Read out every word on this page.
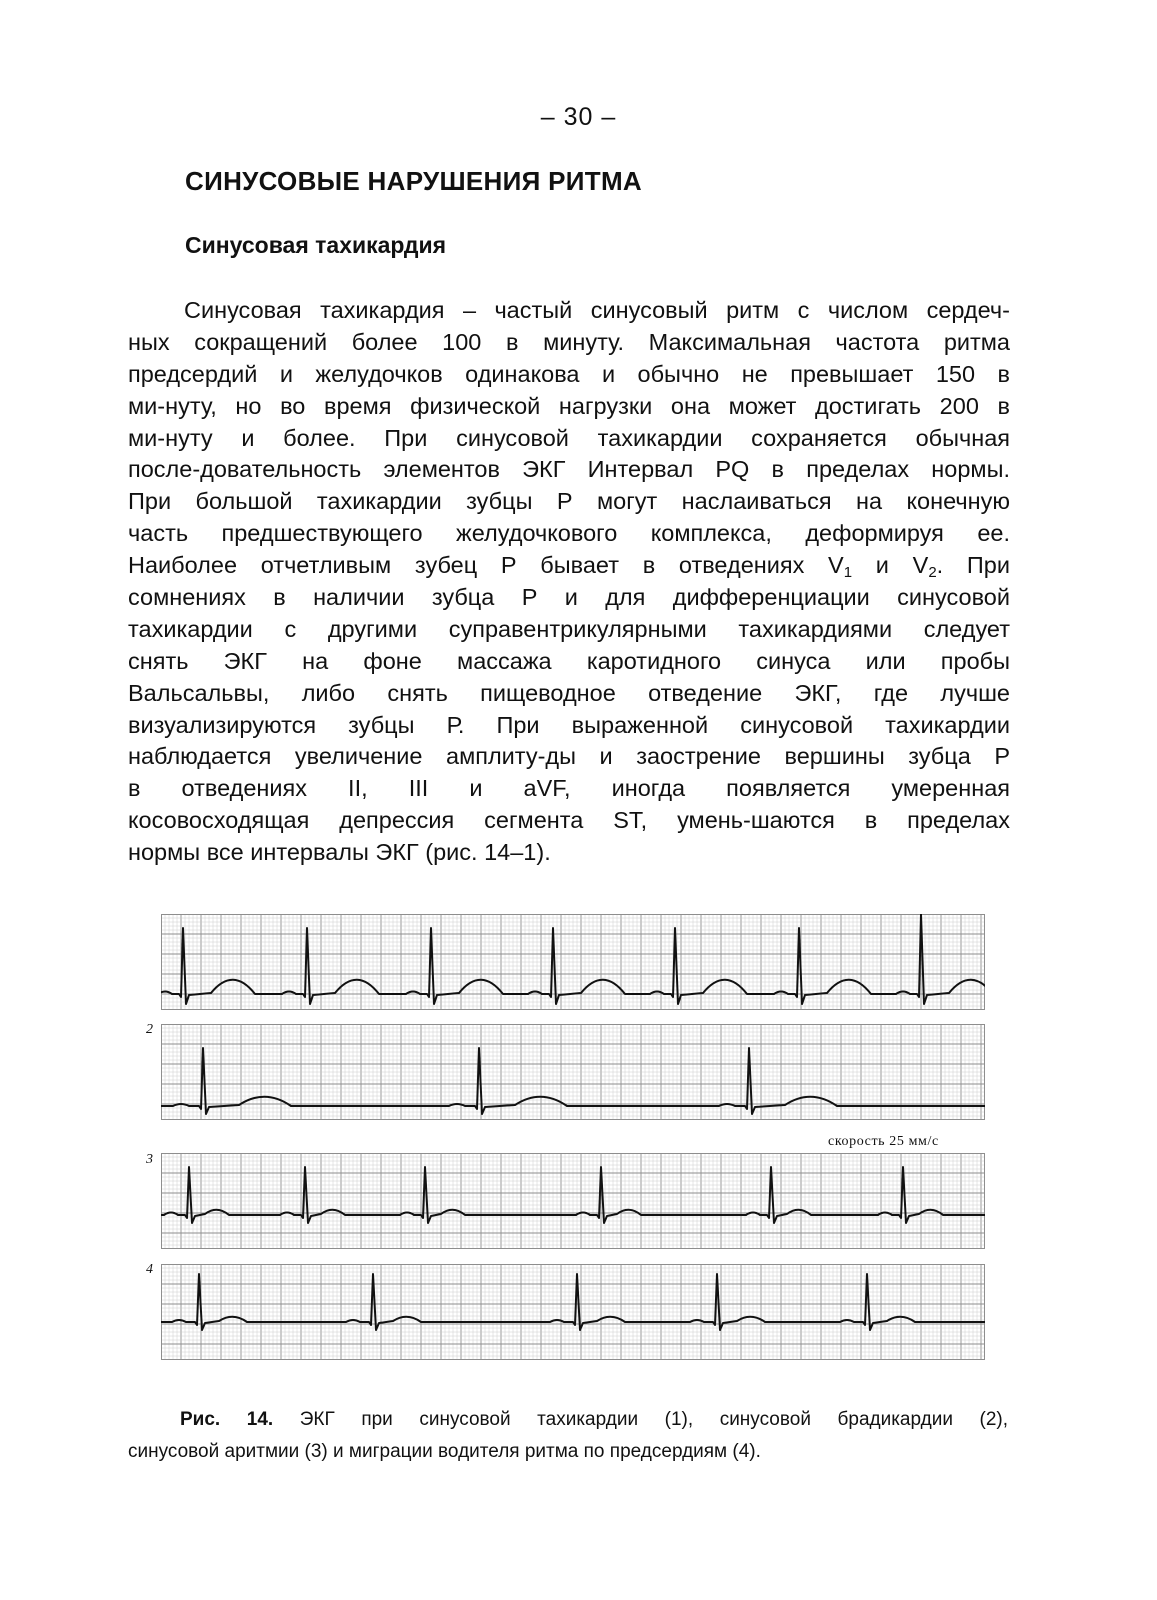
– 30 –
СИНУСОВЫЕ НАРУШЕНИЯ РИТМА
Синусовая тахикардия
Синусовая тахикардия – частый синусовый ритм с числом сердеч-
ных сокращений более 100 в минуту. Максимальная частота ритма
предсердий и желудочков одинакова и обычно не превышает 150 в
ми-нуту, но во время физической нагрузки она может достигать 200 в
ми-нуту и более. При синусовой тахикардии сохраняется обычная
после-довательность элементов ЭКГ Интервал PQ в пределах нормы.
При большой тахикардии зубцы Р могут наслаиваться на конечную
часть предшествующего желудочкового комплекса, деформируя ее.
Наиболее отчетливым зубец Р бывает в отведениях $V_1$ и $V_2$. При
сомнениях в наличии зубца Р и для дифференциации синусовой
тахикардии с другими суправентрикулярными тахикардиями следует
снять ЭКГ на фоне массажа каротидного синуса или пробы
Вальсальвы, либо снять пищеводное отведение ЭКГ, где лучше
визуализируются зубцы Р. При выраженной синусовой тахикардии
наблюдается увеличение амплиту-ды и заострение вершины зубца Р
в отведениях II, III и aVF, иногда появляется умеренная
косовосходящая депрессия сегмента ST, умень-шаются в пределах
нормы все интервалы ЭКГ (рис. 14–1).
2
скорость 25 мм/с
3
4
Рис. 14. ЭКГ при синусовой тахикардии (1), синусовой брадикардии (2),
синусовой аритмии (3) и миграции водителя ритма по предсердиям (4).
